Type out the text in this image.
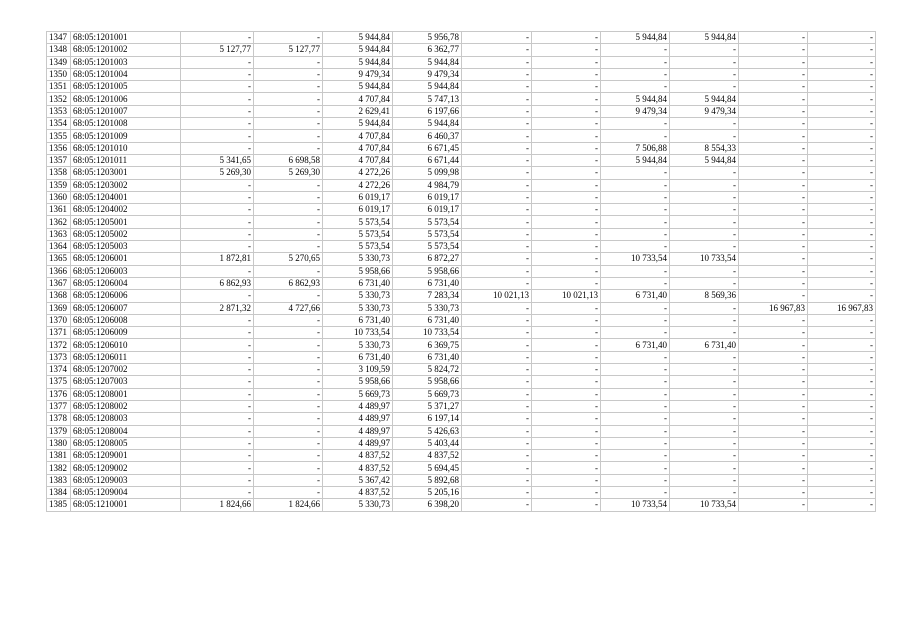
1347	68:05:1201001	-	-	5 944,84	5 956,78	-	-	5 944,84	5 944,84	-	-
1348	68:05:1201002	5 127,77	5 127,77	5 944,84	6 362,77	-	-	-	-	-	-
1349	68:05:1201003	-	-	5 944,84	5 944,84	-	-	-	-	-	-
1350	68:05:1201004	-	-	9 479,34	9 479,34	-	-	-	-	-	-
1351	68:05:1201005	-	-	5 944,84	5 944,84	-	-	-	-	-	-
1352	68:05:1201006	-	-	4 707,84	5 747,13	-	-	5 944,84	5 944,84	-	-
1353	68:05:1201007	-	-	2 629,41	6 197,66	-	-	9 479,34	9 479,34	-	-
1354	68:05:1201008	-	-	5 944,84	5 944,84	-	-	-	-	-	-
1355	68:05:1201009	-	-	4 707,84	6 460,37	-	-	-	-	-	-
1356	68:05:1201010	-	-	4 707,84	6 671,45	-	-	7 506,88	8 554,33	-	-
1357	68:05:1201011	5 341,65	6 698,58	4 707,84	6 671,44	-	-	5 944,84	5 944,84	-	-
1358	68:05:1203001	5 269,30	5 269,30	4 272,26	5 099,98	-	-	-	-	-	-
1359	68:05:1203002	-	-	4 272,26	4 984,79	-	-	-	-	-	-
1360	68:05:1204001	-	-	6 019,17	6 019,17	-	-	-	-	-	-
1361	68:05:1204002	-	-	6 019,17	6 019,17	-	-	-	-	-	-
1362	68:05:1205001	-	-	5 573,54	5 573,54	-	-	-	-	-	-
1363	68:05:1205002	-	-	5 573,54	5 573,54	-	-	-	-	-	-
1364	68:05:1205003	-	-	5 573,54	5 573,54	-	-	-	-	-	-
1365	68:05:1206001	1 872,81	5 270,65	5 330,73	6 872,27	-	-	10 733,54	10 733,54	-	-
1366	68:05:1206003	-	-	5 958,66	5 958,66	-	-	-	-	-	-
1367	68:05:1206004	6 862,93	6 862,93	6 731,40	6 731,40	-	-	-	-	-	-
1368	68:05:1206006	-	-	5 330,73	7 283,34	10 021,13	10 021,13	6 731,40	8 569,36	-	-
1369	68:05:1206007	2 871,32	4 727,66	5 330,73	5 330,73	-	-	-	-	16 967,83	16 967,83
1370	68:05:1206008	-	-	6 731,40	6 731,40	-	-	-	-	-	-
1371	68:05:1206009	-	-	10 733,54	10 733,54	-	-	-	-	-	-
1372	68:05:1206010	-	-	5 330,73	6 369,75	-	-	6 731,40	6 731,40	-	-
1373	68:05:1206011	-	-	6 731,40	6 731,40	-	-	-	-	-	-
1374	68:05:1207002	-	-	3 109,59	5 824,72	-	-	-	-	-	-
1375	68:05:1207003	-	-	5 958,66	5 958,66	-	-	-	-	-	-
1376	68:05:1208001	-	-	5 669,73	5 669,73	-	-	-	-	-	-
1377	68:05:1208002	-	-	4 489,97	5 371,27	-	-	-	-	-	-
1378	68:05:1208003	-	-	4 489,97	6 197,14	-	-	-	-	-	-
1379	68:05:1208004	-	-	4 489,97	5 426,63	-	-	-	-	-	-
1380	68:05:1208005	-	-	4 489,97	5 403,44	-	-	-	-	-	-
1381	68:05:1209001	-	-	4 837,52	4 837,52	-	-	-	-	-	-
1382	68:05:1209002	-	-	4 837,52	5 694,45	-	-	-	-	-	-
1383	68:05:1209003	-	-	5 367,42	5 892,68	-	-	-	-	-	-
1384	68:05:1209004	-	-	4 837,52	5 205,16	-	-	-	-	-	-
1385	68:05:1210001	1 824,66	1 824,66	5 330,73	6 398,20	-	-	10 733,54	10 733,54	-	-
